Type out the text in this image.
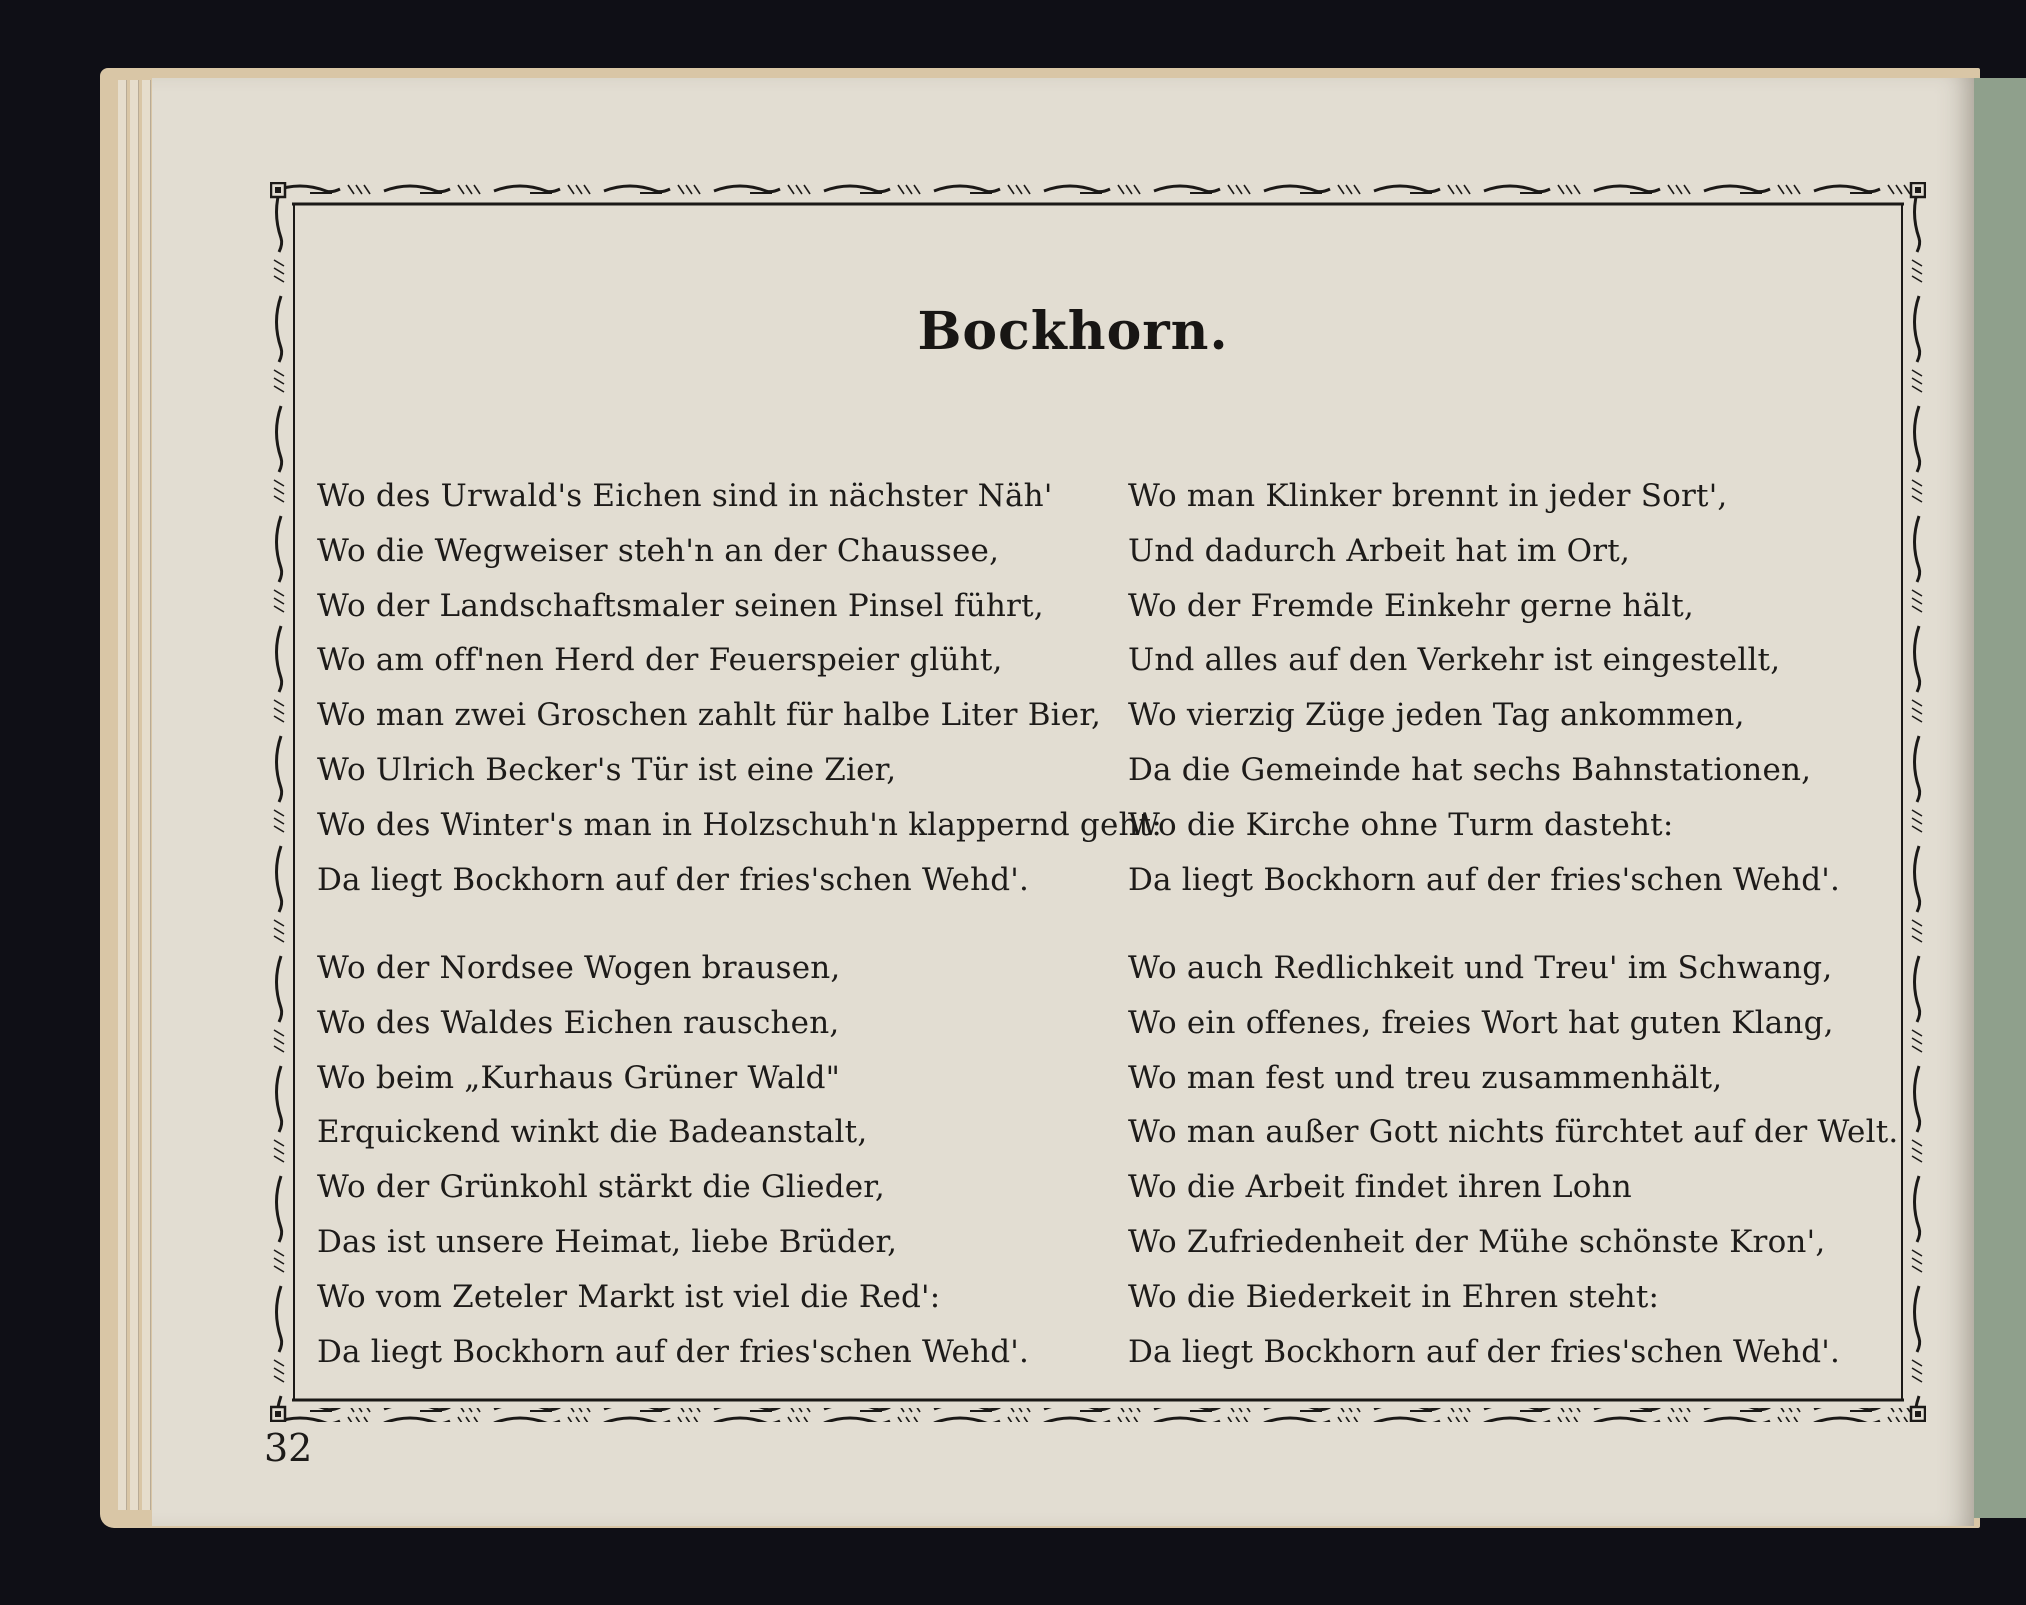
Bockhorn.
Wo des Urwald's Eichen sind in nächster Näh'
Wo die Wegweiser steh'n an der Chaussee,
Wo der Landschaftsmaler seinen Pinsel führt,
Wo am off'nen Herd der Feuerspeier glüht,
Wo man zwei Groschen zahlt für halbe Liter Bier,
Wo Ulrich Becker's Tür ist eine Zier,
Wo des Winter's man in Holzschuh'n klappernd geht:
Da liegt Bockhorn auf der fries'schen Wehd'.
Wo der Nordsee Wogen brausen,
Wo des Waldes Eichen rauschen,
Wo beim „Kurhaus Grüner Wald"
Erquickend winkt die Badeanstalt,
Wo der Grünkohl stärkt die Glieder,
Das ist unsere Heimat, liebe Brüder,
Wo vom Zeteler Markt ist viel die Red':
Da liegt Bockhorn auf der fries'schen Wehd'.
Wo man Klinker brennt in jeder Sort',
Und dadurch Arbeit hat im Ort,
Wo der Fremde Einkehr gerne hält,
Und alles auf den Verkehr ist eingestellt,
Wo vierzig Züge jeden Tag ankommen,
Da die Gemeinde hat sechs Bahnstationen,
Wo die Kirche ohne Turm dasteht:
Da liegt Bockhorn auf der fries'schen Wehd'.
Wo auch Redlichkeit und Treu' im Schwang,
Wo ein offenes, freies Wort hat guten Klang,
Wo man fest und treu zusammenhält,
Wo man außer Gott nichts fürchtet auf der Welt.
Wo die Arbeit findet ihren Lohn
Wo Zufriedenheit der Mühe schönste Kron',
Wo die Biederkeit in Ehren steht:
Da liegt Bockhorn auf der fries'schen Wehd'.
32
